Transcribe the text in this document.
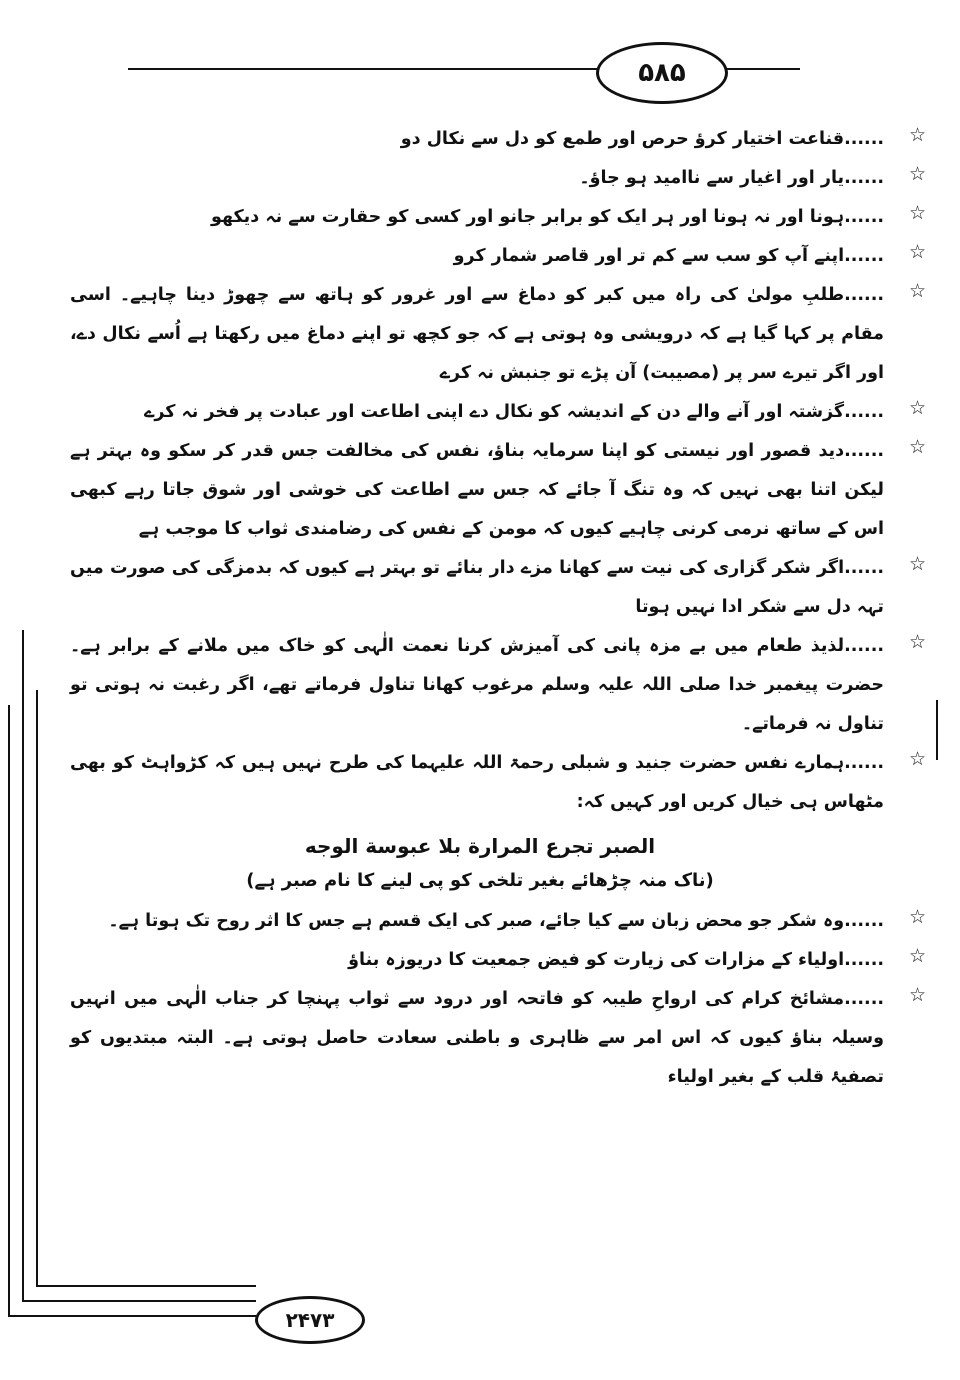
۵۸۵
۲۴۷۳
☆
......قناعت اختیار کرؤ حرص اور طمع کو دل سے نکال دو
☆
......یار اور اغیار سے ناامید ہو جاؤ۔
☆
......ہونا اور نہ ہونا اور ہر ایک کو برابر جانو اور کسی کو حقارت سے نہ دیکھو
☆
......اپنے آپ کو سب سے کم تر اور قاصر شمار کرو
☆
......طلبِ مولیٰ کی راہ میں کبر کو دماغ سے اور غرور کو ہاتھ سے چھوڑ دینا چاہیے۔ اسی مقام پر کہا گیا ہے کہ درویشی وہ ہوتی ہے کہ جو کچھ تو اپنے دماغ میں رکھتا ہے اُسے نکال دے، اور اگر تیرے سر پر (مصیبت) آن پڑے تو جنبش نہ کرے
☆
......گزشتہ اور آنے والے دن کے اندیشہ کو نکال دے اپنی اطاعت اور عبادت پر فخر نہ کرے
☆
......دید قصور اور نیستی کو اپنا سرمایہ بناؤ، نفس کی مخالفت جس قدر کر سکو وہ بہتر ہے لیکن اتنا بھی نہیں کہ وہ تنگ آ جائے کہ جس سے اطاعت کی خوشی اور شوق جاتا رہے کبھی اس کے ساتھ نرمی کرنی چاہیے کیوں کہ مومن کے نفس کی رضامندی ثواب کا موجب ہے
☆
......اگر شکر گزاری کی نیت سے کھانا مزے دار بنائے تو بہتر ہے کیوں کہ بدمزگی کی صورت میں تہہ دل سے شکر ادا نہیں ہوتا
☆
......لذیذ طعام میں بے مزہ پانی کی آمیزش کرنا نعمت الٰہی کو خاک میں ملانے کے برابر ہے۔ حضرت پیغمبر خدا صلی اللہ علیہ وسلم مرغوب کھانا تناول فرماتے تھے، اگر رغبت نہ ہوتی تو تناول نہ فرماتے۔
☆
......ہمارے نفس حضرت جنید و شبلی رحمۃ اللہ علیہما کی طرح نہیں ہیں کہ کڑواہٹ کو بھی مٹھاس ہی خیال کریں اور کہیں کہ:
الصبر تجرع المرارة بلا عبوسة الوجه
(ناک منہ چڑھائے بغیر تلخی کو پی لینے کا نام صبر ہے)
☆
......وہ شکر جو محض زبان سے کیا جائے، صبر کی ایک قسم ہے جس کا اثر روح تک ہوتا ہے۔
☆
......اولیاء کے مزارات کی زیارت کو فیض جمعیت کا دریوزہ بناؤ
☆
......مشائخ کرام کی ارواحِ طیبہ کو فاتحہ اور درود سے ثواب پہنچا کر جناب الٰہی میں انہیں وسیلہ بناؤ کیوں کہ اس امر سے ظاہری و باطنی سعادت حاصل ہوتی ہے۔ البتہ مبتدیوں کو تصفیۂ قلب کے بغیر اولیاء
